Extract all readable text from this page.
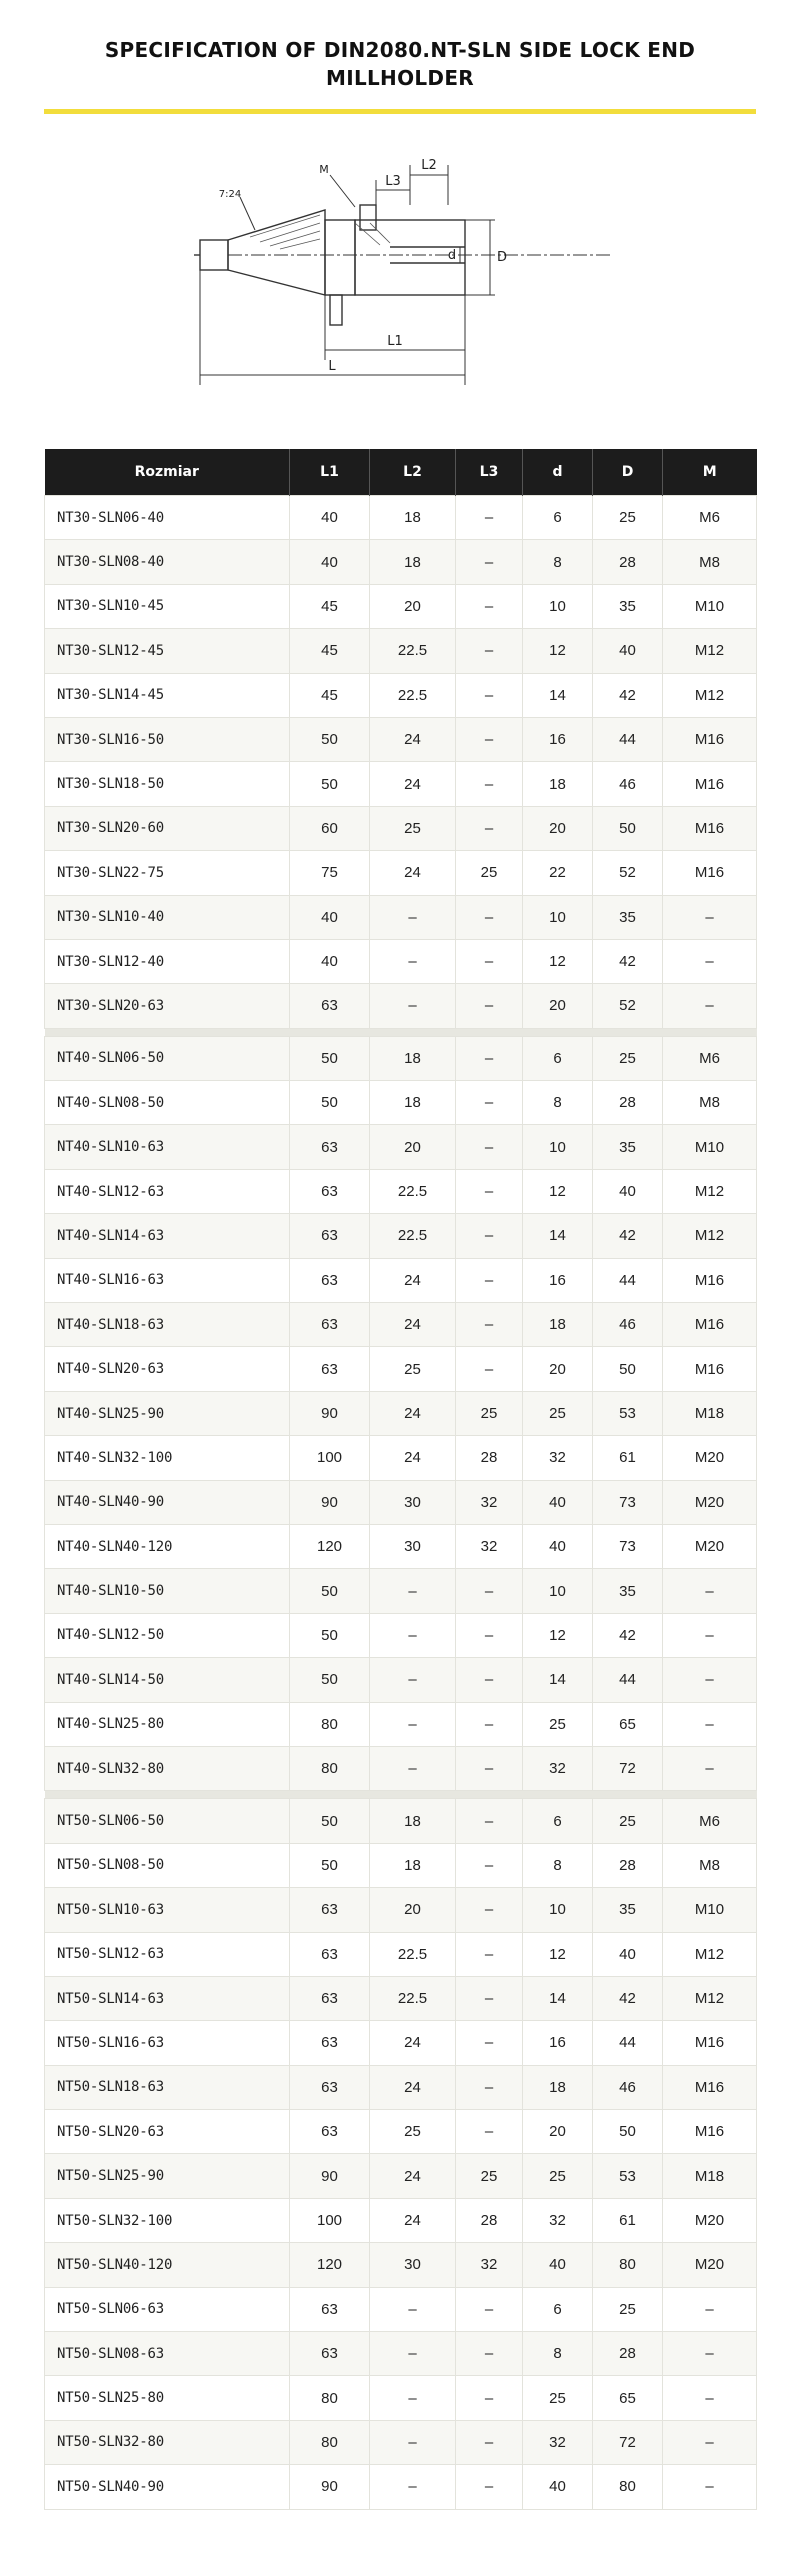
SPECIFICATION OF DIN2080.NT-SLN SIDE LOCK END MILLHOLDER
7:24
M
L3
L2
d	D
L1
L
Rozmiar	L1	L2	L3	d	D	M
NT30-SLN06-40	40	18	–	6	25	M6
NT30-SLN08-40	40	18	–	8	28	M8
NT30-SLN10-45	45	20	–	10	35	M10
NT30-SLN12-45	45	22.5	–	12	40	M12
NT30-SLN14-45	45	22.5	–	14	42	M12
NT30-SLN16-50	50	24	–	16	44	M16
NT30-SLN18-50	50	24	–	18	46	M16
NT30-SLN20-60	60	25	–	20	50	M16
NT30-SLN22-75	75	24	25	22	52	M16
NT30-SLN10-40	40	–	–	10	35	–
NT30-SLN12-40	40	–	–	12	42	–
NT30-SLN20-63	63	–	–	20	52	–

NT40-SLN06-50	50	18	–	6	25	M6
NT40-SLN08-50	50	18	–	8	28	M8
NT40-SLN10-63	63	20	–	10	35	M10
NT40-SLN12-63	63	22.5	–	12	40	M12
NT40-SLN14-63	63	22.5	–	14	42	M12
NT40-SLN16-63	63	24	–	16	44	M16
NT40-SLN18-63	63	24	–	18	46	M16
NT40-SLN20-63	63	25	–	20	50	M16
NT40-SLN25-90	90	24	25	25	53	M18
NT40-SLN32-100	100	24	28	32	61	M20
NT40-SLN40-90	90	30	32	40	73	M20
NT40-SLN40-120	120	30	32	40	73	M20
NT40-SLN10-50	50	–	–	10	35	–
NT40-SLN12-50	50	–	–	12	42	–
NT40-SLN14-50	50	–	–	14	44	–
NT40-SLN25-80	80	–	–	25	65	–
NT40-SLN32-80	80	–	–	32	72	–

NT50-SLN06-50	50	18	–	6	25	M6
NT50-SLN08-50	50	18	–	8	28	M8
NT50-SLN10-63	63	20	–	10	35	M10
NT50-SLN12-63	63	22.5	–	12	40	M12
NT50-SLN14-63	63	22.5	–	14	42	M12
NT50-SLN16-63	63	24	–	16	44	M16
NT50-SLN18-63	63	24	–	18	46	M16
NT50-SLN20-63	63	25	–	20	50	M16
NT50-SLN25-90	90	24	25	25	53	M18
NT50-SLN32-100	100	24	28	32	61	M20
NT50-SLN40-120	120	30	32	40	80	M20
NT50-SLN06-63	63	–	–	6	25	–
NT50-SLN08-63	63	–	–	8	28	–
NT50-SLN25-80	80	–	–	25	65	–
NT50-SLN32-80	80	–	–	32	72	–
NT50-SLN40-90	90	–	–	40	80	–
